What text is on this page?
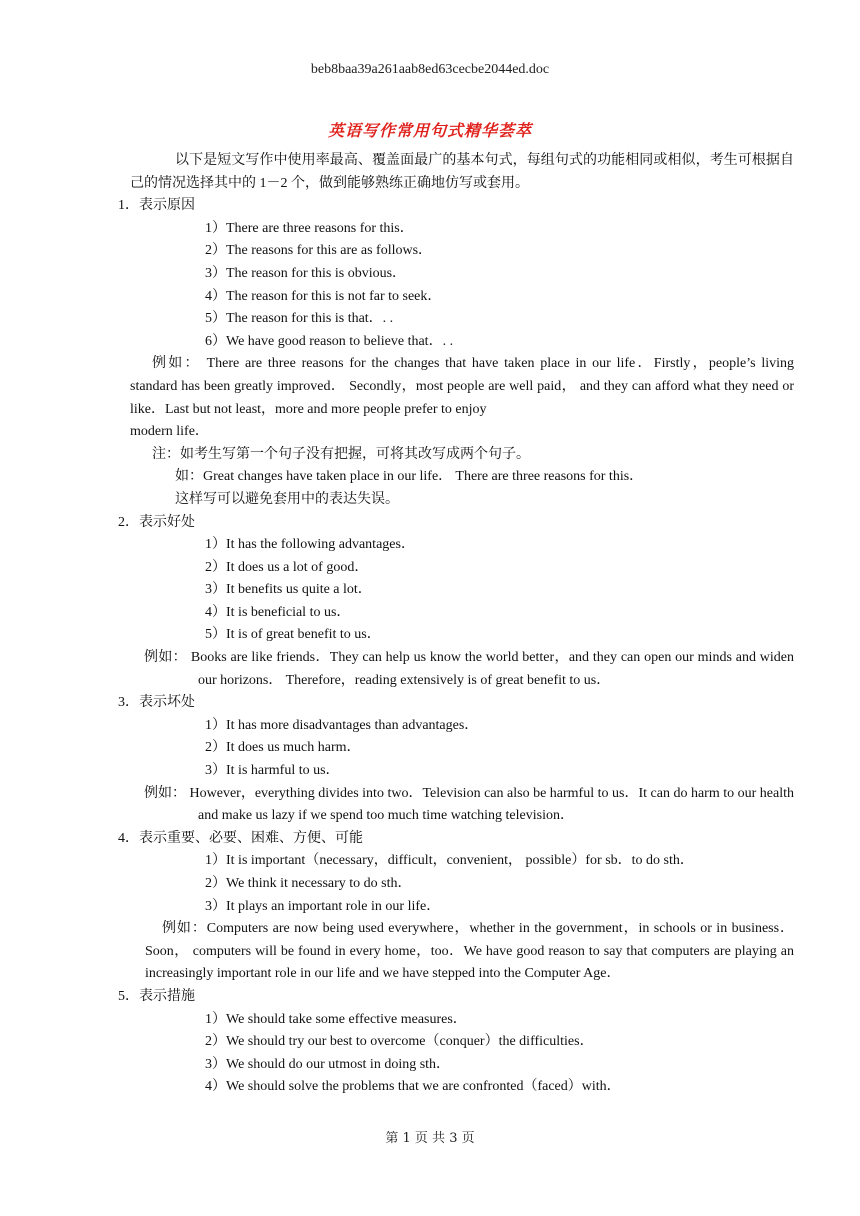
beb8baa39a261aab8ed63cecbe2044ed.doc
英语写作常用句式精华荟萃

以下是短文写作中使用率最高、覆盖面最广的基本句式，每组句式的功能相同或相似，考生可根据自己的情况选择其中的 1－2 个，做到能够熟练正确地仿写或套用。

1．表示原因

1）There are three reasons for this．

2）The reasons for this are as follows．

3）The reason for this is obvious．

4）The reason for this is not far to seek．

5）The reason for this is that．. .

6）We have good reason to believe that．. .

例如： There are three reasons for the changes that have taken place in our life．Firstly，people’s living standard has been greatly improved． Secondly，most people are well paid， and they can afford what they need or like．Last but not least，more and more people prefer to enjoy

modern life．

注：如考生写第一个句子没有把握，可将其改写成两个句子。

如：Great changes have taken place in our life． There are three reasons for this．

这样写可以避免套用中的表达失误。

2．表示好处

1）It has the following advantages．

2）It does us a lot of good．

3）It benefits us quite a lot．

4）It is beneficial to us．

5）It is of great benefit to us．

例如： Books are like friends．They can help us know the world better，and they can open our minds and widen our horizons． Therefore，reading extensively is of great benefit to us．

3．表示坏处

1）It has more disadvantages than advantages．

2）It does us much harm．

3）It is harmful to us．

例如： However，everything divides into two．Television can also be harmful to us．It can do harm to our health and make us lazy if we spend too much time watching television．

4．表示重要、必要、困难、方便、可能

1）It is important（necessary，difficult，convenient， possible）for sb．to do sth．

2）We think it necessary to do sth．

3）It plays an important role in our life．

例如：Computers are now being used everywhere，whether in the government，in schools or in business．Soon， computers will be found in every home，too．We have good reason to say that computers are playing an increasingly important role in our life and we have stepped into the Computer Age．

5．表示措施

1）We should take some effective measures．

2）We should try our best to overcome（conquer）the difficulties．

3）We should do our utmost in doing sth．

4）We should solve the problems that we are confronted（faced）with．

第 1 页 共 3 页
